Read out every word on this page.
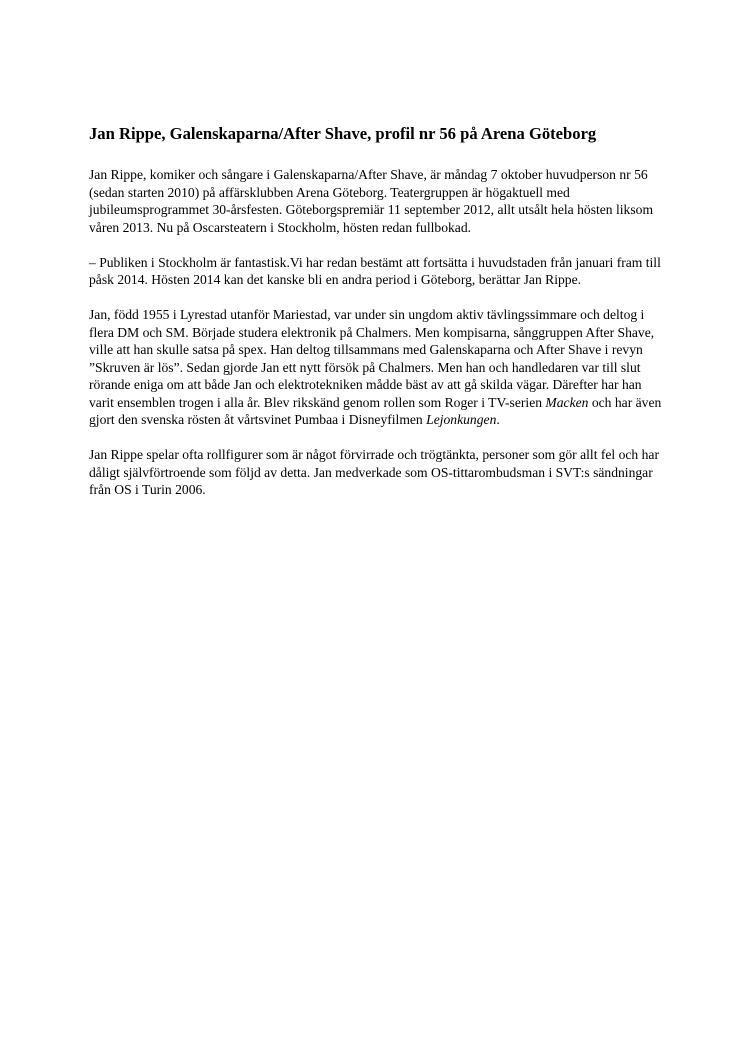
Jan Rippe, Galenskaparna/After Shave, profil nr 56 på Arena Göteborg

Jan Rippe, komiker och sångare i Galenskaparna/After Shave, är måndag 7 oktober huvudperson nr 56 (sedan starten 2010) på affärsklubben Arena Göteborg. Teatergruppen är högaktuell med jubileumsprogrammet 30-årsfesten. Göteborgspremiär 11 september 2012, allt utsålt hela hösten liksom våren 2013. Nu på Oscarsteatern i Stockholm, hösten redan fullbokad.

– Publiken i Stockholm är fantastisk.Vi har redan bestämt att fortsätta i huvudstaden från januari fram till påsk 2014. Hösten 2014 kan det kanske bli en andra period i Göteborg, berättar Jan Rippe.

Jan, född 1955 i Lyrestad utanför Mariestad, var under sin ungdom aktiv tävlingssimmare och deltog i flera DM och SM. Började studera elektronik på Chalmers. Men kompisarna, sånggruppen After Shave, ville att han skulle satsa på spex. Han deltog tillsammans med Galenskaparna och After Shave i revyn ”Skruven är lös”. Sedan gjorde Jan ett nytt försök på Chalmers. Men han och handledaren var till slut rörande eniga om att både Jan och elektrotekniken mådde bäst av att gå skilda vägar. Därefter har han varit ensemblen trogen i alla år. Blev rikskänd genom rollen som Roger i TV-serien Macken och har även gjort den svenska rösten åt vårtsvinet Pumbaa i Disneyfilmen Lejonkungen.

Jan Rippe spelar ofta rollfigurer som är något förvirrade och trögtänkta, personer som gör allt fel och har dåligt självförtroende som följd av detta. Jan medverkade som OS-tittarombudsman i SVT:s sändningar från OS i Turin 2006.
